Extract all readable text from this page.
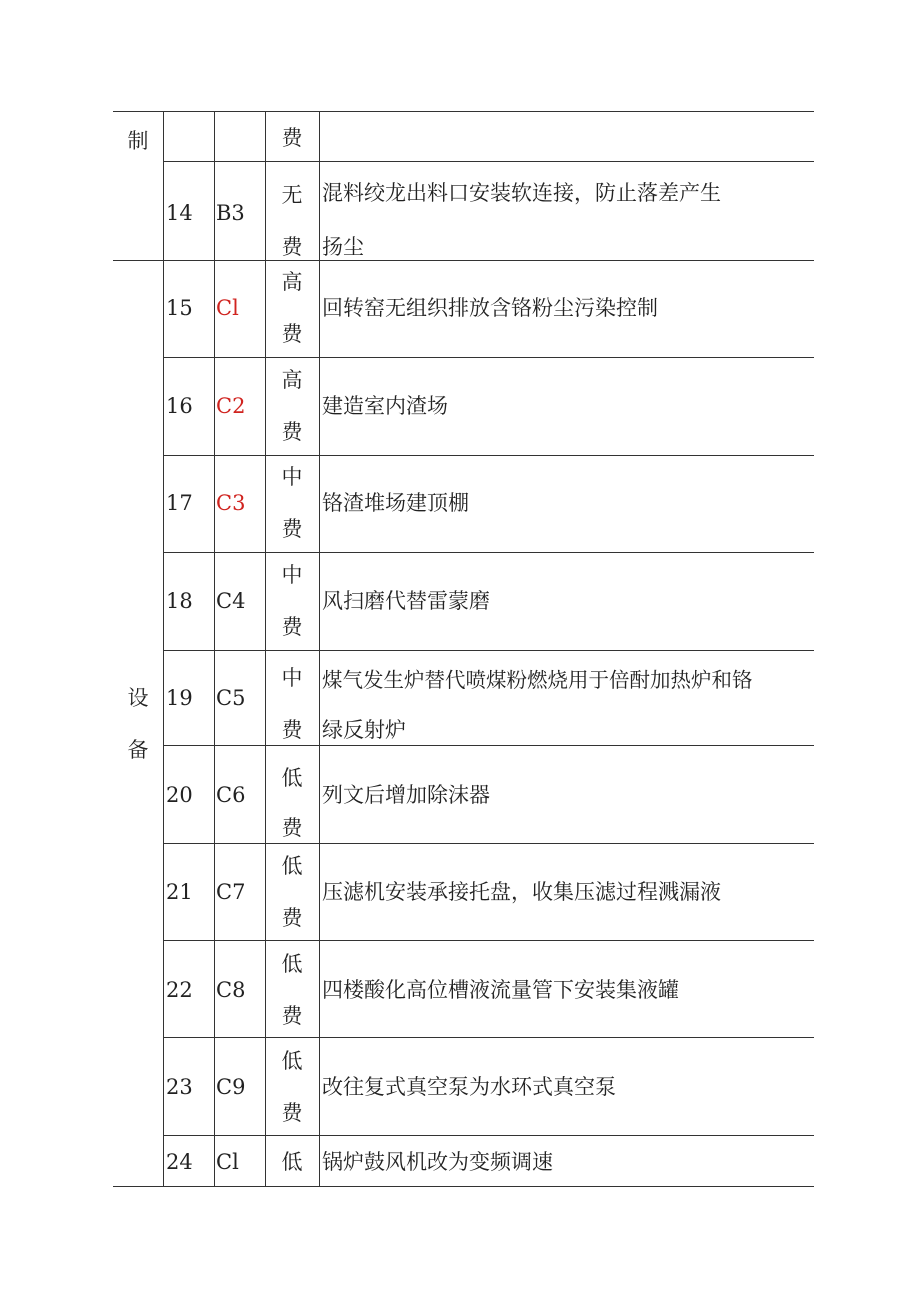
制
设
备
费
14 B3
无
费
混料绞龙出料口安装软连接，防止落差产生
扬尘
15 Cl
高
费
回转窑无组织排放含铬粉尘污染控制
16 C2
高
费
建造室内渣场
17 C3
中
费
铬渣堆场建顶棚
18 C4
中
费
风扫磨代替雷蒙磨
19 C5
中
费
煤气发生炉替代喷煤粉燃烧用于倍酎加热炉和铬
绿反射炉
20 C6
低
费
列文后增加除沫器
21 C7
低
费
压滤机安装承接托盘，收集压滤过程溅漏液
22 C8
低
费
四楼酸化高位槽液流量管下安装集液罐
23 C9
低
费
改往复式真空泵为水环式真空泵
24 Cl	低 锅炉鼓风机改为变频调速
